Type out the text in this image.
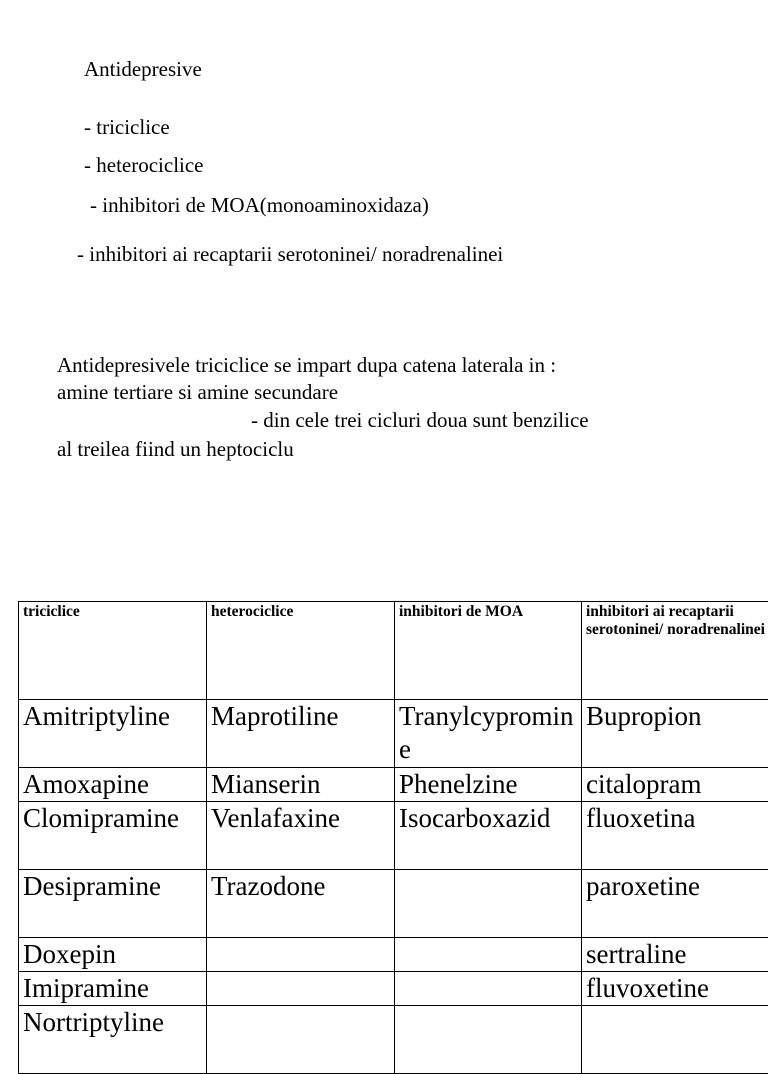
Antidepresive
- triciclice
- heterociclice
- inhibitori de MOA(monoaminoxidaza)
- inhibitori ai recaptarii serotoninei/ noradrenalinei
Antidepresivele triciclice se impart dupa catena laterala in :
amine tertiare si amine secundare
- din cele trei cicluri doua sunt benzilice
al treilea fiind un heptociclu
triciclice	heterociclice	inhibitori de MOA	inhibitori ai recaptarii serotoninei/ noradrenalinei
Amitriptyline	Maprotiline	Tranylcypromine	Bupropion
Amoxapine	Mianserin	Phenelzine	citalopram
Clomipramine	Venlafaxine	Isocarboxazid	fluoxetina
Desipramine	Trazodone		paroxetine
Doxepin			sertraline
Imipramine			fluvoxetine
Nortriptyline			
